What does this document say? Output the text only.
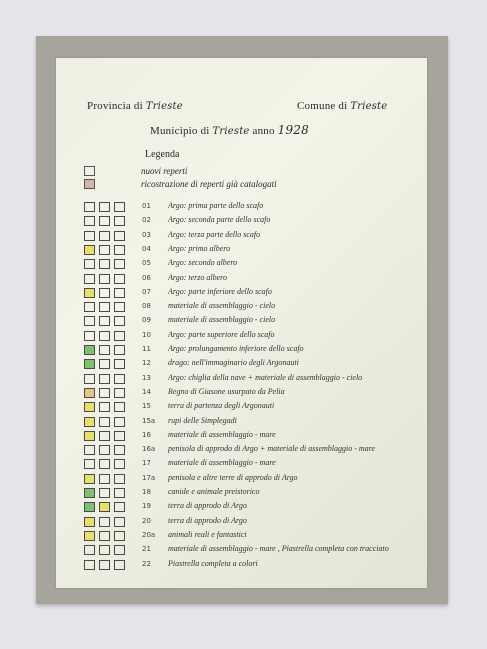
Provincia di Trieste	Comune di Trieste
Municipio di Trieste anno 1928
Legenda
nuovi reperti
ricostrazione di reperti già catalogati
01 Argo: prima parte dello scafo
02 Argo: seconda parte dello scafo
03 Argo: terza parte dello scafo
04 Argo: primo albero
05 Argo: secondo albero
06 Argo: terzo albero
07 Argo: parte inferiore dello scafo
08 materiale di assemblaggio - cielo
09 materiale di assemblaggio - cielo
10 Argo: parte superiore dello scafo
11 Argo: prolungamento inferiore dello scafo
12 drago: nell'immaginario degli Argonauti
13 Argo: chiglia della nave + materiale di assemblaggio - cielo
14 Regno di Giasone usurpato da Pelia
15 terra di partenza degli Argonauti
15a rupi delle Simplegadi
16 materiale di assemblaggio - mare
16a penisola di approdo di Argo + materiale di assemblaggio - mare
17 materiale di assemblaggio - mare
17a penisola e altre terre di approdo di Argo
18 canide e animale preistorico
19 terra di approdo di Argo
20 terra di approdo di Argo
20a animali reali e fantastici
21 materiale di assemblaggio - mare , Piastrella completa con tracciato
22 Piastrella completa a colori
